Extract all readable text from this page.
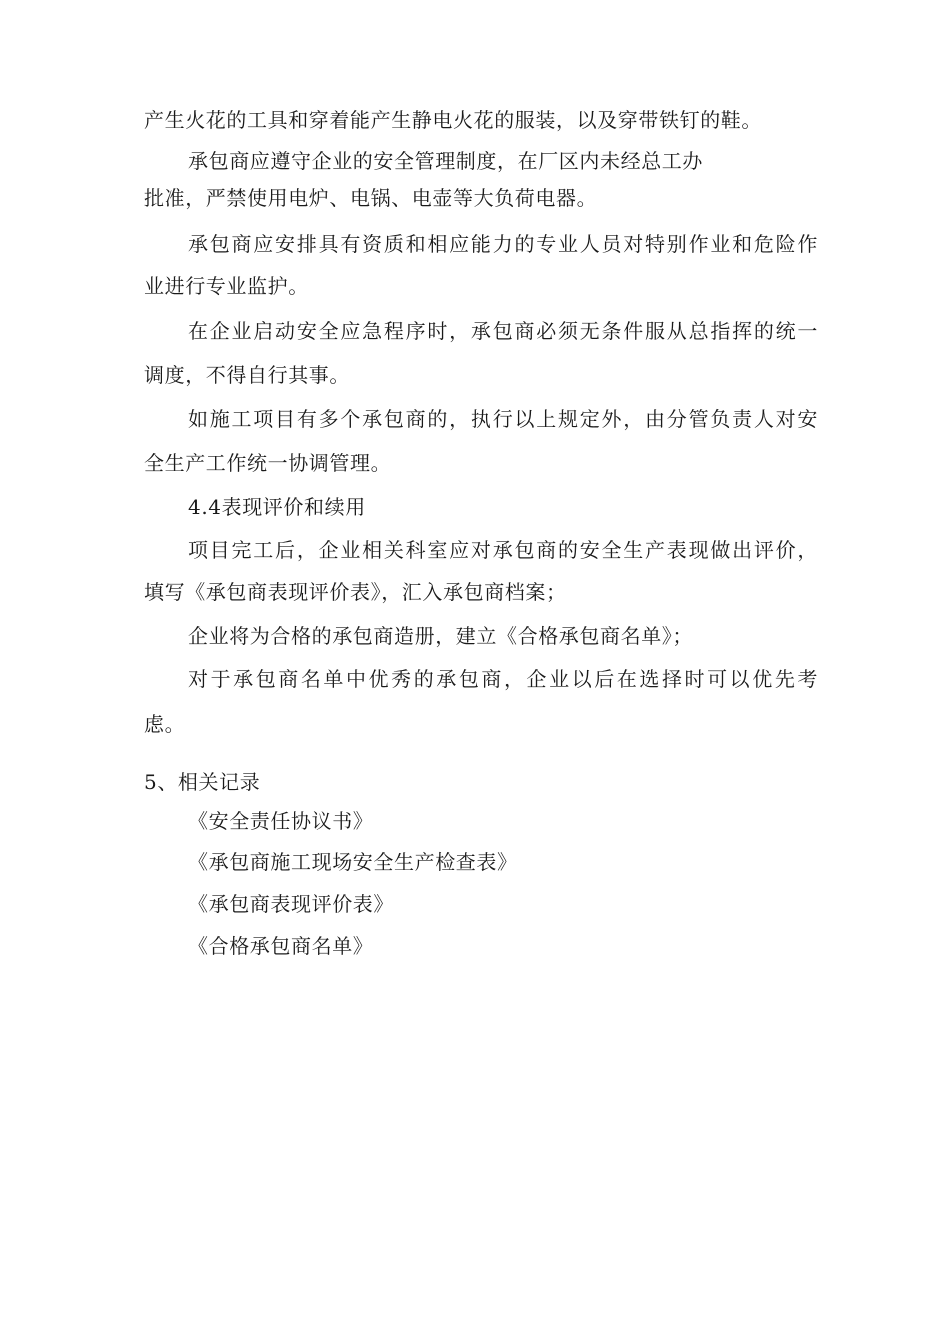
产生火花的工具和穿着能产生静电火花的服装，以及穿带铁钉的鞋。
承包商应遵守企业的安全管理制度，在厂区内未经总工办
批准，严禁使用电炉、电锅、电壶等大负荷电器。
承包商应安排具有资质和相应能力的专业人员对特别作业和危险作
业进行专业监护。
在企业启动安全应急程序时，承包商必须无条件服从总指挥的统一
调度，不得自行其事。
如施工项目有多个承包商的，执行以上规定外，由分管负责人对安
全生产工作统一协调管理。
4.4表现评价和续用
项目完工后，企业相关科室应对承包商的安全生产表现做出评价，
填写《承包商表现评价表》，汇入承包商档案；
企业将为合格的承包商造册，建立《合格承包商名单》；
对于承包商名单中优秀的承包商，企业以后在选择时可以优先考
虑。
5、相关记录
《安全责任协议书》
《承包商施工现场安全生产检查表》
《承包商表现评价表》
《合格承包商名单》
